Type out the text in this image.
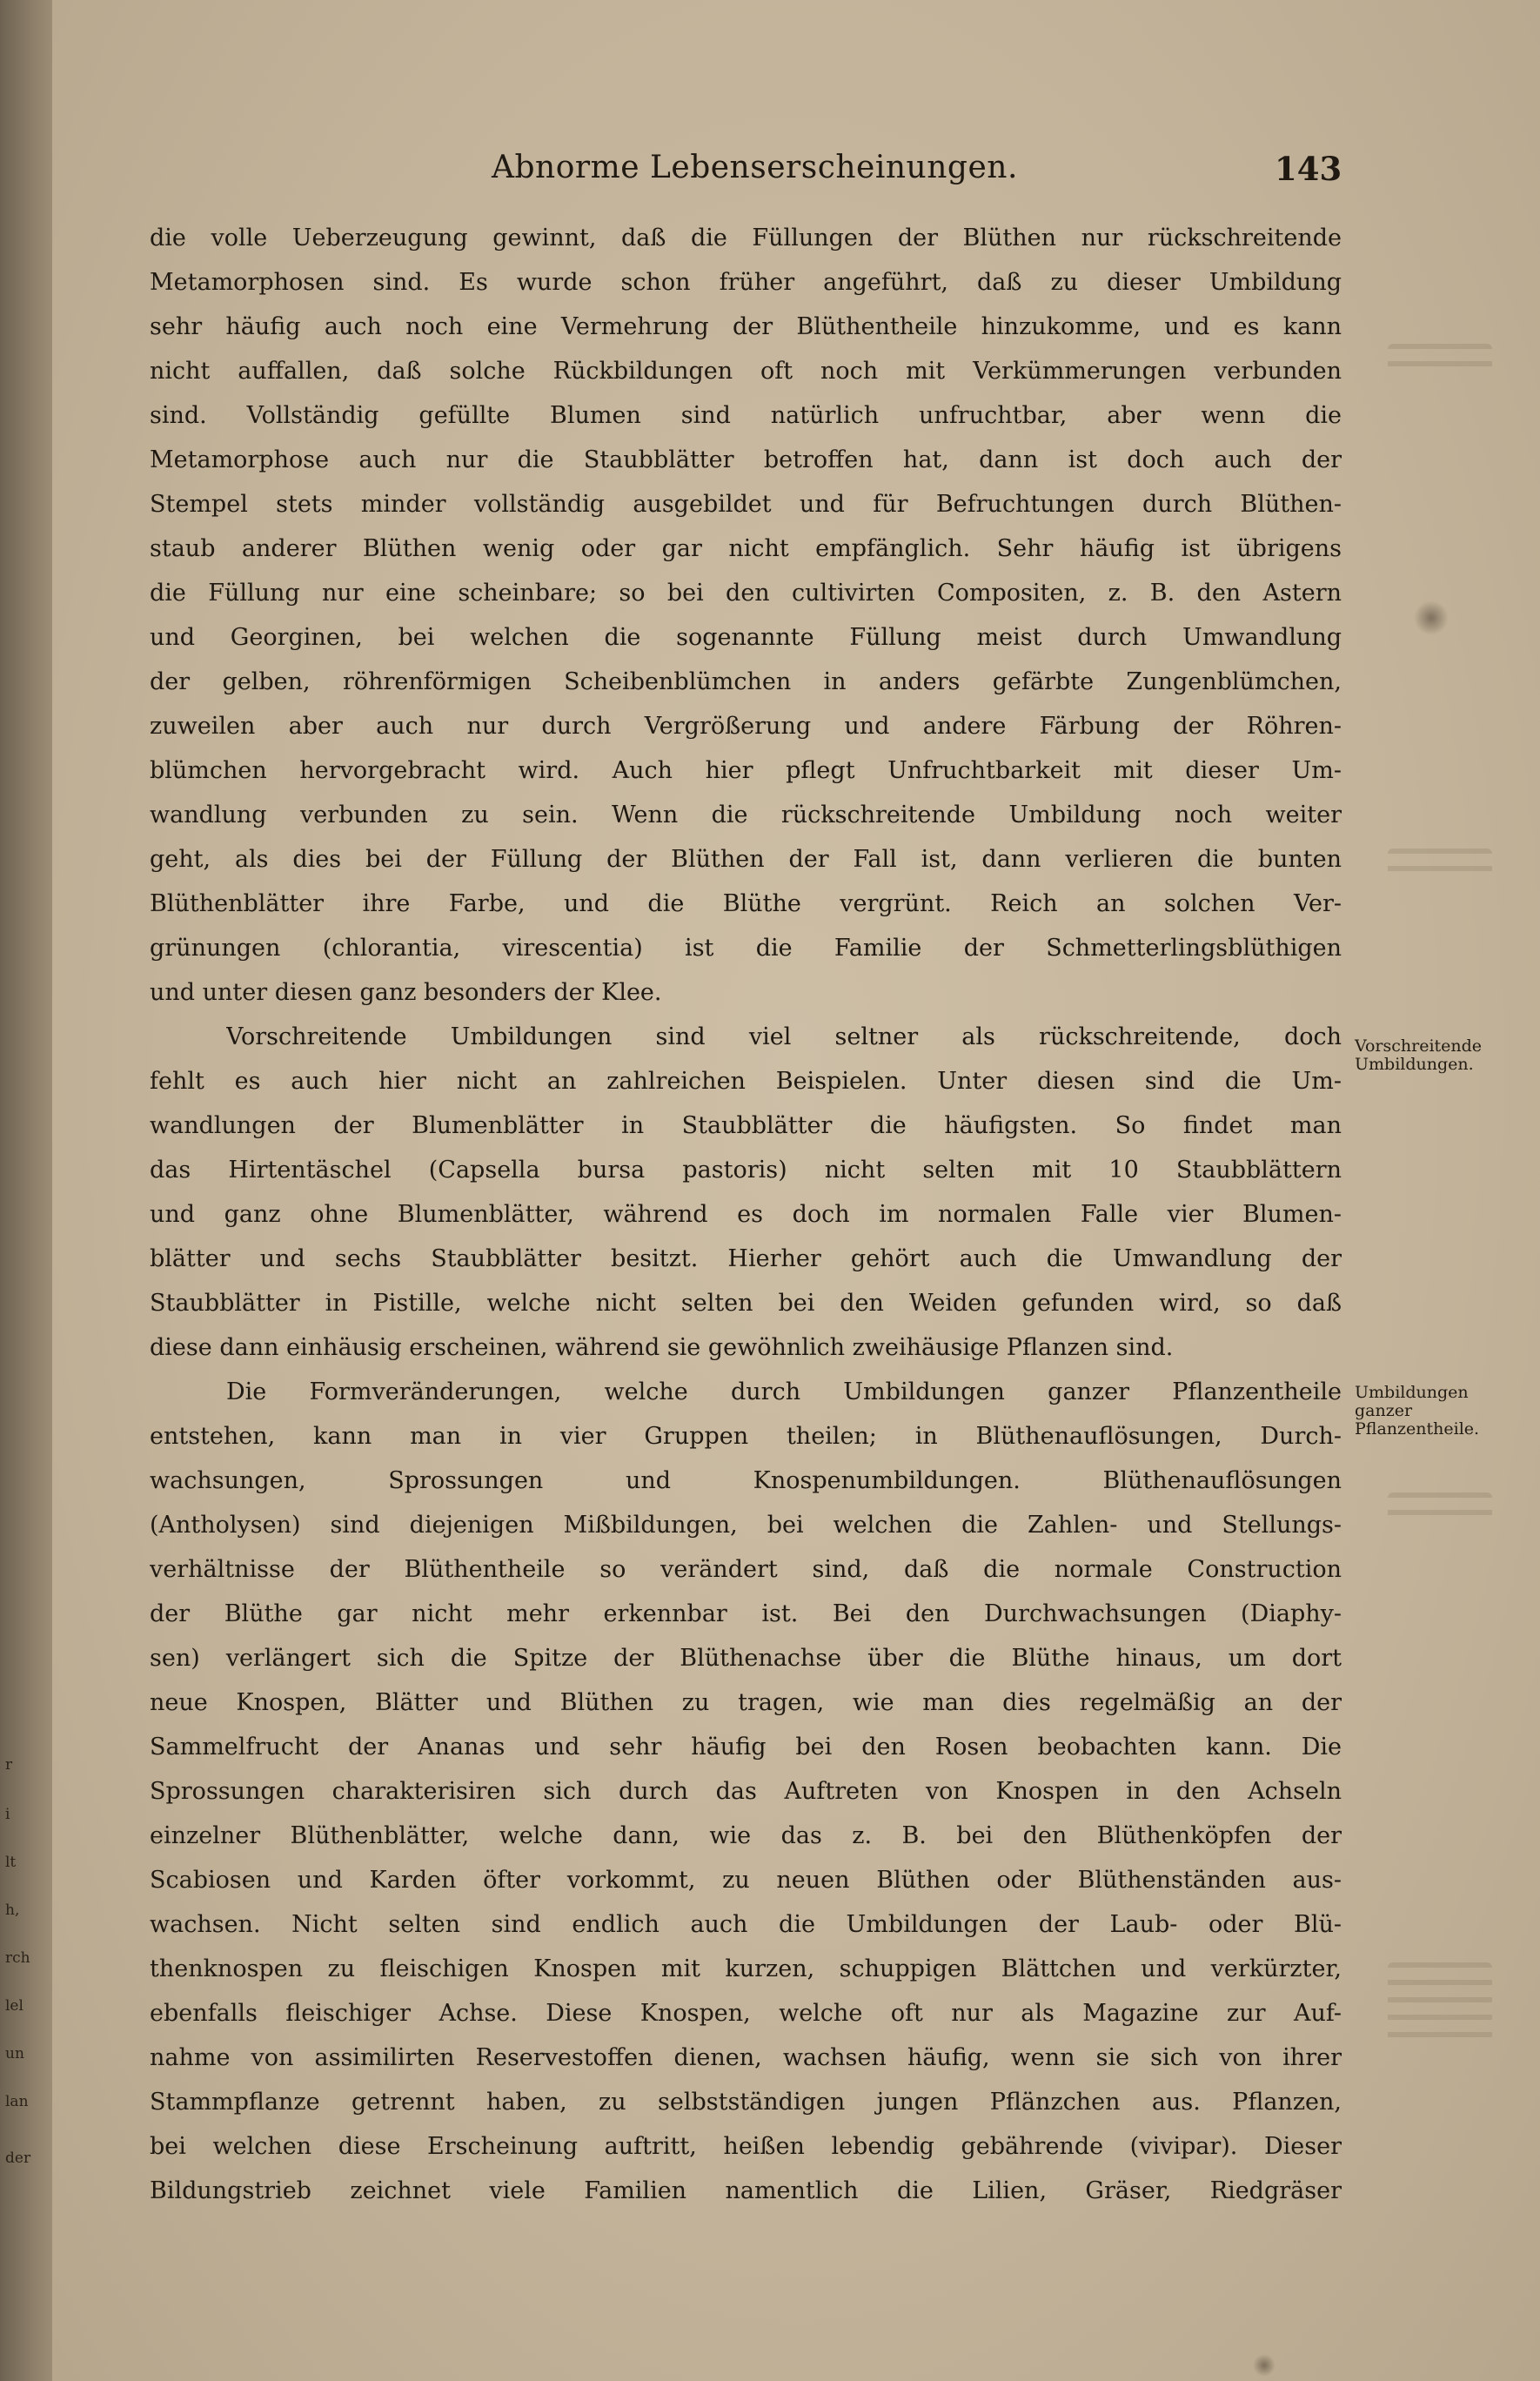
r
i
lt
h,
rch
lel
un
lan
der
Abnorme Lebenserscheinungen.	143
Vorschreitende Umbildungen.
Umbildungen ganzer Pflanzentheile.
die volle Ueberzeugung gewinnt, daß die Füllungen der Blüthen nur rückschreitende
Metamorphosen sind. Es wurde schon früher angeführt, daß zu dieser Umbildung
sehr häufig auch noch eine Vermehrung der Blüthentheile hinzukomme, und es kann
nicht auffallen, daß solche Rückbildungen oft noch mit Verkümmerungen verbunden
sind. Vollständig gefüllte Blumen sind natürlich unfruchtbar, aber wenn die
Metamorphose auch nur die Staubblätter betroffen hat, dann ist doch auch der
Stempel stets minder vollständig ausgebildet und für Befruchtungen durch Blüthen-
staub anderer Blüthen wenig oder gar nicht empfänglich. Sehr häufig ist übrigens
die Füllung nur eine scheinbare; so bei den cultivirten Compositen, z. B. den Astern
und Georginen, bei welchen die sogenannte Füllung meist durch Umwandlung
der gelben, röhrenförmigen Scheibenblümchen in anders gefärbte Zungenblümchen,
zuweilen aber auch nur durch Vergrößerung und andere Färbung der Röhren-
blümchen hervorgebracht wird. Auch hier pflegt Unfruchtbarkeit mit dieser Um-
wandlung verbunden zu sein. Wenn die rückschreitende Umbildung noch weiter
geht, als dies bei der Füllung der Blüthen der Fall ist, dann verlieren die bunten
Blüthenblätter ihre Farbe, und die Blüthe vergrünt. Reich an solchen Ver-
grünungen (chlorantia, virescentia) ist die Familie der Schmetterlingsblüthigen
und unter diesen ganz besonders der Klee.
Vorschreitende Umbildungen sind viel seltner als rückschreitende, doch
fehlt es auch hier nicht an zahlreichen Beispielen. Unter diesen sind die Um-
wandlungen der Blumenblätter in Staubblätter die häufigsten. So findet man
das Hirtentäschel (Capsella bursa pastoris) nicht selten mit 10 Staubblättern
und ganz ohne Blumenblätter, während es doch im normalen Falle vier Blumen-
blätter und sechs Staubblätter besitzt. Hierher gehört auch die Umwandlung der
Staubblätter in Pistille, welche nicht selten bei den Weiden gefunden wird, so daß
diese dann einhäusig erscheinen, während sie gewöhnlich zweihäusige Pflanzen sind.
Die Formveränderungen, welche durch Umbildungen ganzer Pflanzentheile
entstehen, kann man in vier Gruppen theilen; in Blüthenauflösungen, Durch-
wachsungen, Sprossungen und Knospenumbildungen. Blüthenauflösungen
(Antholysen) sind diejenigen Mißbildungen, bei welchen die Zahlen- und Stellungs-
verhältnisse der Blüthentheile so verändert sind, daß die normale Construction
der Blüthe gar nicht mehr erkennbar ist. Bei den Durchwachsungen (Diaphy-
sen) verlängert sich die Spitze der Blüthenachse über die Blüthe hinaus, um dort
neue Knospen, Blätter und Blüthen zu tragen, wie man dies regelmäßig an der
Sammelfrucht der Ananas und sehr häufig bei den Rosen beobachten kann. Die
Sprossungen charakterisiren sich durch das Auftreten von Knospen in den Achseln
einzelner Blüthenblätter, welche dann, wie das z. B. bei den Blüthenköpfen der
Scabiosen und Karden öfter vorkommt, zu neuen Blüthen oder Blüthenständen aus-
wachsen. Nicht selten sind endlich auch die Umbildungen der Laub- oder Blü-
thenknospen zu fleischigen Knospen mit kurzen, schuppigen Blättchen und verkürzter,
ebenfalls fleischiger Achse. Diese Knospen, welche oft nur als Magazine zur Auf-
nahme von assimilirten Reservestoffen dienen, wachsen häufig, wenn sie sich von ihrer
Stammpflanze getrennt haben, zu selbstständigen jungen Pflänzchen aus. Pflanzen,
bei welchen diese Erscheinung auftritt, heißen lebendig gebährende (vivipar). Dieser
Bildungstrieb zeichnet viele Familien namentlich die Lilien, Gräser, Riedgräser
